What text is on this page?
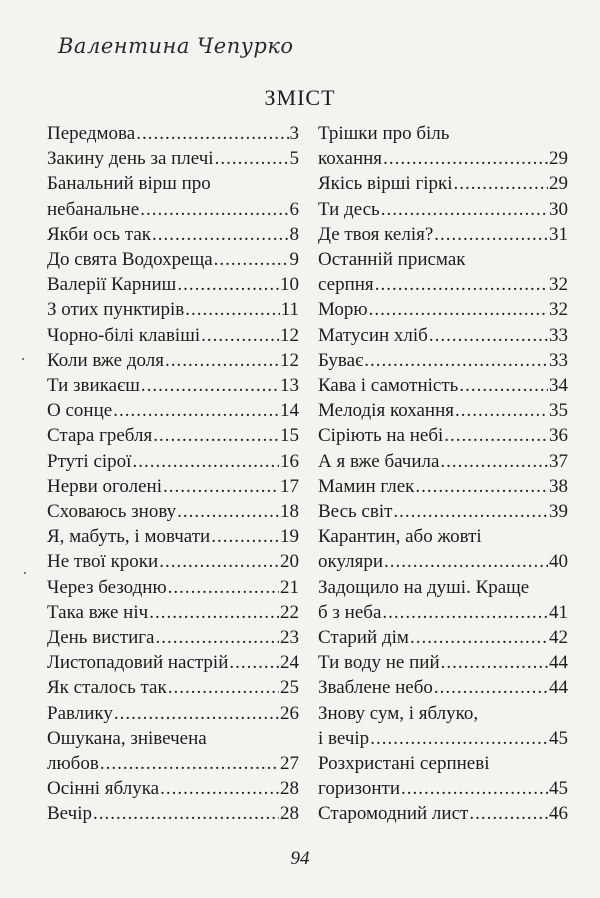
Валентина Чепурко
ЗМІСТ
Передмова .....	3
Закину день за плечі .....	5
Банальний вірш про
небанальне .....	6
Якби ось так .....	8
До свята Водохреща .....	9
Валерії Карниш .....	10
З отих пунктирів .....	11
Чорно-білі клавіші .....	12
Коли вже доля .....	12
Ти звикаєш .....	13
О сонце .....	14
Стара гребля .....	15
Ртуті сірої .....	16
Нерви оголені .....	17
Сховаюсь знову .....	18
Я, мабуть, і мовчати .....	19
Не твої кроки .....	20
Через безодню .....	21
Така вже ніч .....	22
День вистига .....	23
Листопадовий настрій .....	24
Як сталось так .....	25
Равлику .....	26
Ошукана, знівечена
любов .....	27
Осінні яблука .....	28
Вечір .....	28
Трішки про біль
кохання .....	29
Якісь вірші гіркі .....	29
Ти десь .....	30
Де твоя келія? .....	31
Останній присмак
серпня .....	32
Морю .....	32
Матусин хліб .....	33
Буває .....	33
Кава і самотність .....	34
Мелодія кохання .....	35
Сіріють на небі .....	36
А я вже бачила .....	37
Мамин глек .....	38
Весь світ .....	39
Карантин, або жовті
окуляри .....	40
Задощило на душі. Краще
б з неба .....	41
Старий дім .....	42
Ти воду не пий .....	44
Зваблене небо .....	44
Знову сум, і яблуко,
і вечір .....	45
Розхристані серпневі
горизонти .....	45
Старомодний лист .....	46
94
